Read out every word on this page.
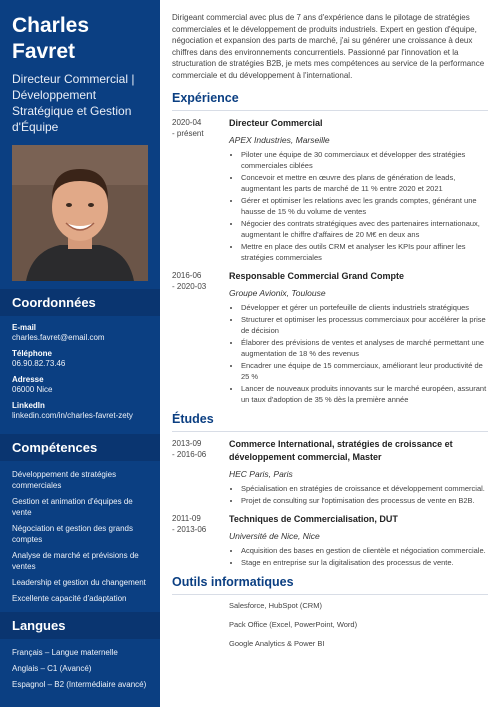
Charles
Favret

Directeur Commercial | Développement Stratégique et Gestion d'Équipe

Coordonnées
E-mail
charles.favret@email.com
Téléphone
06.90.82.73.46
Adresse
06000 Nice
LinkedIn
linkedin.com/in/charles-favret-zety
Compétences
Développement de stratégies commerciales
Gestion et animation d'équipes de vente
Négociation et gestion des grands comptes
Analyse de marché et prévisions de ventes
Leadership et gestion du changement
Excellente capacité d'adaptation
Langues
Français – Langue maternelle
Anglais – C1 (Avancé)
Espagnol – B2 (Intermédiaire avancé)

Dirigeant commercial avec plus de 7 ans d'expérience dans le pilotage de stratégies commerciales et le développement de produits industriels. Expert en gestion d'équipe, négociation et expansion des parts de marché, j'ai su générer une croissance à deux chiffres dans des environnements concurrentiels. Passionné par l'innovation et la structuration de stratégies B2B, je mets mes compétences au service de la performance commerciale et du développement à l'international.

Expérience
2020-04
- présent
Directeur Commercial
APEX Industries, Marseille
• Piloter une équipe de 30 commerciaux et développer des stratégies commerciales ciblées
• Concevoir et mettre en œuvre des plans de génération de leads, augmentant les parts de marché de 11 % entre 2020 et 2021
• Gérer et optimiser les relations avec les grands comptes, générant une hausse de 15 % du volume de ventes
• Négocier des contrats stratégiques avec des partenaires internationaux, augmentant le chiffre d'affaires de 20 M€ en deux ans
• Mettre en place des outils CRM et analyser les KPIs pour affiner les stratégies commerciales
2016-06
- 2020-03
Responsable Commercial Grand Compte
Groupe Avionix, Toulouse
• Développer et gérer un portefeuille de clients industriels stratégiques
• Structurer et optimiser les processus commerciaux pour accélérer la prise de décision
• Élaborer des prévisions de ventes et analyses de marché permettant une augmentation de 18 % des revenus
• Encadrer une équipe de 15 commerciaux, améliorant leur productivité de 25 %
• Lancer de nouveaux produits innovants sur le marché européen, assurant un taux d'adoption de 35 % dès la première année
Études
2013-09
- 2016-06
Commerce International, stratégies de croissance et développement commercial, Master
HEC Paris, Paris
• Spécialisation en stratégies de croissance et développement commercial.
• Projet de consulting sur l'optimisation des processus de vente en B2B.
2011-09
- 2013-06
Techniques de Commercialisation, DUT
Université de Nice, Nice
• Acquisition des bases en gestion de clientèle et négociation commerciale.
• Stage en entreprise sur la digitalisation des processus de vente.
Outils informatiques
Salesforce, HubSpot (CRM)
Pack Office (Excel, PowerPoint, Word)
Google Analytics & Power BI
